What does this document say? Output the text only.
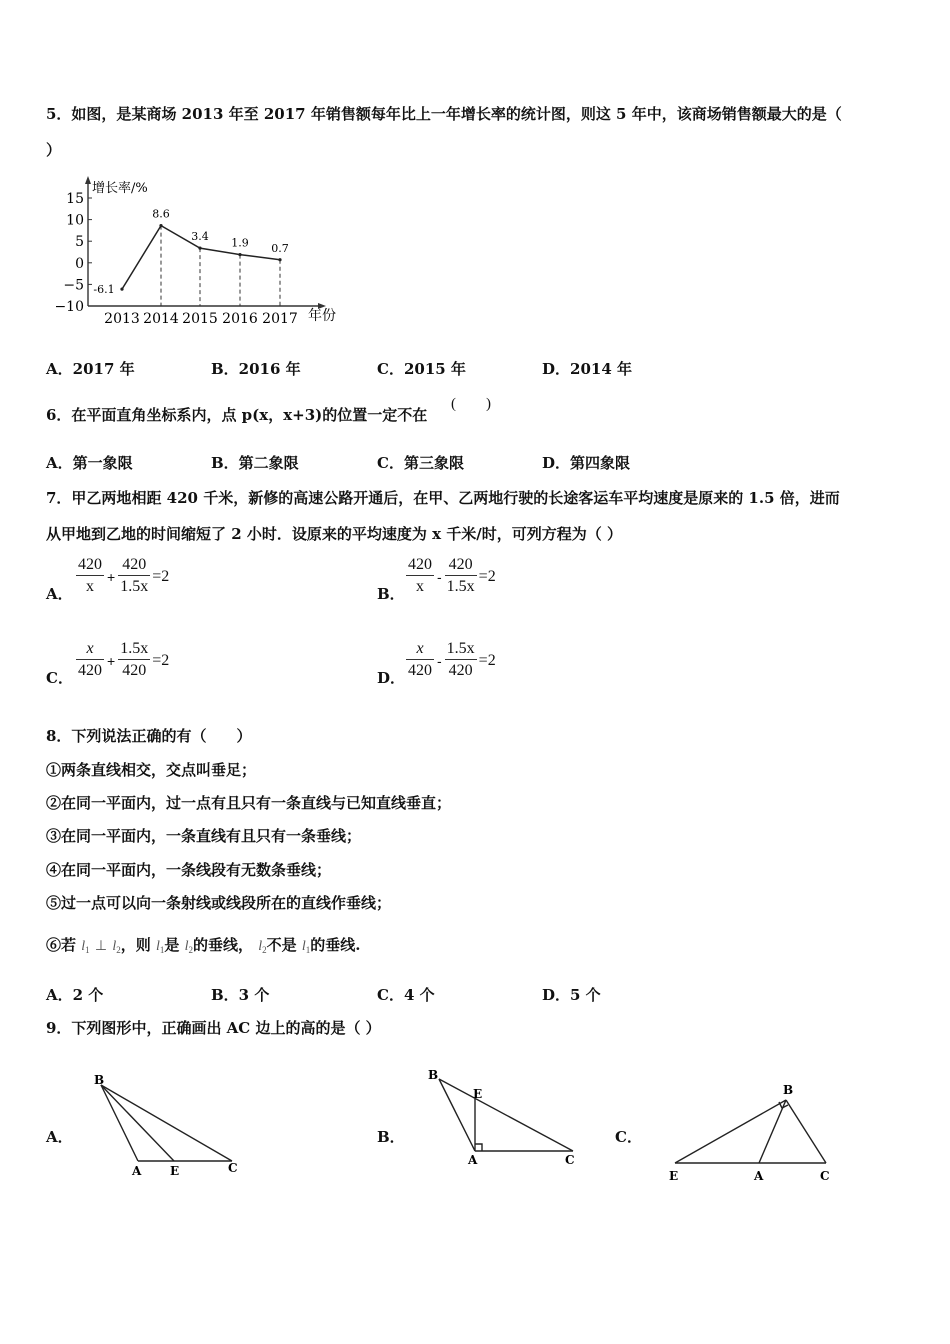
5．如图，是某商场 2013 年至 2017 年销售额每年比上一年增长率的统计图，则这 5 年中，该商场销售额最大的是（
）
15
10
5
0
−5
−10
增长率/%
2013 2014 2015 2016 2017 年份
-6.1
8.6
3.4 1.9 0.7
A．2017 年	B．2016 年	C．2015 年	D．2014 年
6．在平面直角坐标系内，点 p(x，x+3)的位置一定不在
(　　)
A．第一象限	B．第二象限	C．第三象限	D．第四象限
7．甲乙两地相距 420 千米，新修的高速公路开通后，在甲、乙两地行驶的长途客运车平均速度是原来的 1.5 倍，进而
从甲地到乙地的时间缩短了 2 小时．设原来的平均速度为 x 千米/时，可列方程为（ ）
A． $\frac{420}{x} + \frac{420}{1.5x} =2$
B． $\frac{420}{x} - \frac{420}{1.5x} =2$
C． $\frac{x}{420} + \frac{1.5x}{420} =2$
D． $\frac{x}{420} - \frac{1.5x}{420} =2$
8．下列说法正确的有（　　）
①两条直线相交，交点叫垂足；
②在同一平面内，过一点有且只有一条直线与已知直线垂直；
③在同一平面内，一条直线有且只有一条垂线；
④在同一平面内，一条线段有无数条垂线；
⑤过一点可以向一条射线或线段所在的直线作垂线；
⑥若 $l_1$ ⊥ $l_2$，则 $l_1$是 $l_2$的垂线， $l_2$不是 $l_1$的垂线.
A．2 个	B．3 个	C．4 个	D．5 个
9．下列图形中，正确画出 AC 边上的高的是（ ）
A．	B．	C．
B
A E	C
B
E
A	C
B
E	A	C
